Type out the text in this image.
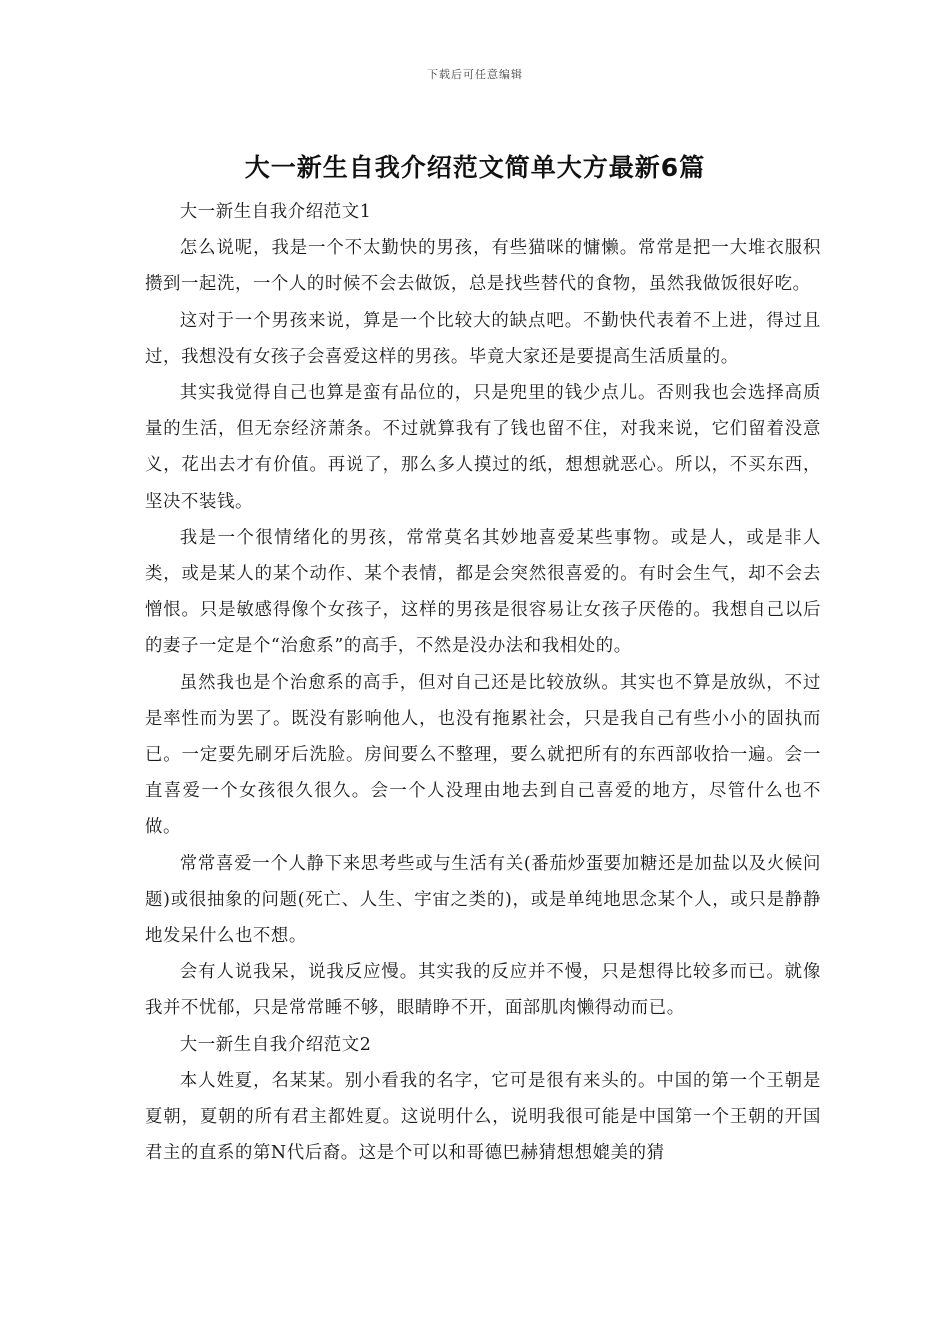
下载后可任意编辑
大一新生自我介绍范文简单大方最新6篇

大一新生自我介绍范文1

怎么说呢，我是一个不太勤快的男孩，有些猫咪的慵懒。常常是把一大堆衣服积攒到一起洗，一个人的时候不会去做饭，总是找些替代的食物，虽然我做饭很好吃。

这对于一个男孩来说，算是一个比较大的缺点吧。不勤快代表着不上进，得过且过，我想没有女孩子会喜爱这样的男孩。毕竟大家还是要提高生活质量的。

其实我觉得自己也算是蛮有品位的，只是兜里的钱少点儿。否则我也会选择高质量的生活，但无奈经济萧条。不过就算我有了钱也留不住，对我来说，它们留着没意义，花出去才有价值。再说了，那么多人摸过的纸，想想就恶心。所以，不买东西，坚决不装钱。

我是一个很情绪化的男孩，常常莫名其妙地喜爱某些事物。或是人，或是非人类，或是某人的某个动作、某个表情，都是会突然很喜爱的。有时会生气，却不会去憎恨。只是敏感得像个女孩子，这样的男孩是很容易让女孩子厌倦的。我想自己以后的妻子一定是个“治愈系”的高手，不然是没办法和我相处的。

虽然我也是个治愈系的高手，但对自己还是比较放纵。其实也不算是放纵，不过是率性而为罢了。既没有影响他人，也没有拖累社会，只是我自己有些小小的固执而已。一定要先刷牙后洗脸。房间要么不整理，要么就把所有的东西部收拾一遍。会一直喜爱一个女孩很久很久。会一个人没理由地去到自己喜爱的地方，尽管什么也不做。

常常喜爱一个人静下来思考些或与生活有关(番茄炒蛋要加糖还是加盐以及火候问题)或很抽象的问题(死亡、人生、宇宙之类的)，或是单纯地思念某个人，或只是静静地发呆什么也不想。

会有人说我呆，说我反应慢。其实我的反应并不慢，只是想得比较多而已。就像我并不忧郁，只是常常睡不够，眼睛睁不开，面部肌肉懒得动而已。

大一新生自我介绍范文2

本人姓夏，名某某。别小看我的名字，它可是很有来头的。中国的第一个王朝是夏朝，夏朝的所有君主都姓夏。这说明什么，说明我很可能是中国第一个王朝的开国君主的直系的第N代后裔。这是个可以和哥德巴赫猜想想媲美的猜
